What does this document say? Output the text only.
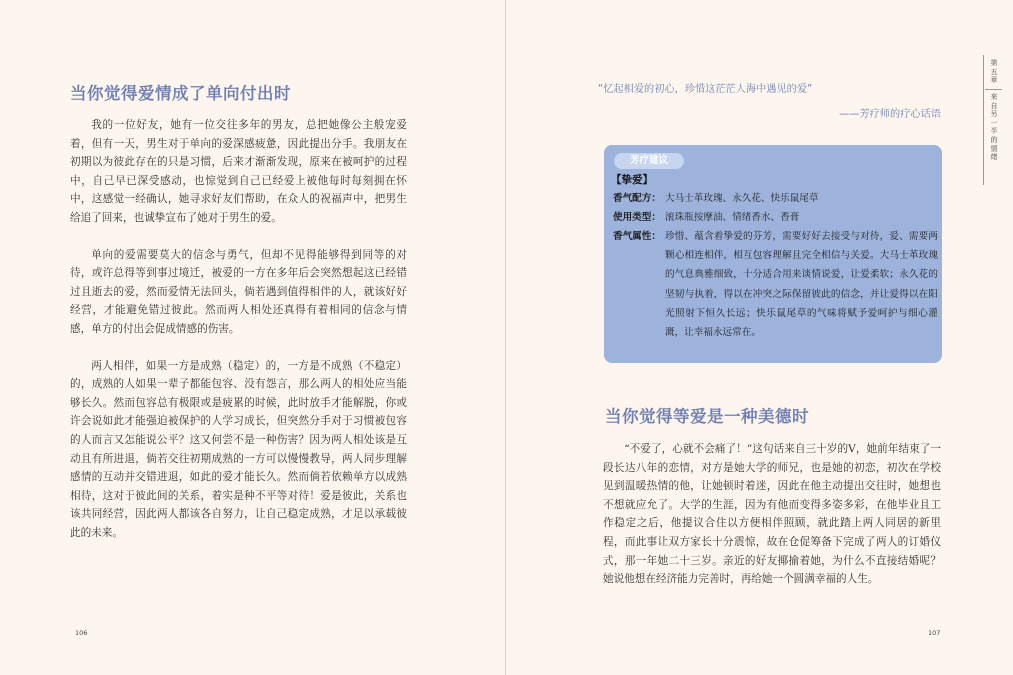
当你觉得爱情成了单向付出时

我的一位好友，她有一位交往多年的男友，总把她像公主般宠爱着，但有一天，男生对于单向的爱深感疲惫，因此提出分手。我朋友在初期以为彼此存在的只是习惯，后来才渐渐发现，原来在被呵护的过程中，自己早已深受感动，也惊觉到自己已经爱上被他每时每刻拥在怀中，这感觉一经确认，她寻求好友们帮助，在众人的祝福声中，把男生给追了回来，也诚挚宣布了她对于男生的爱。

单向的爱需要莫大的信念与勇气，但却不见得能够得到同等的对待，或许总得等到事过境迁，被爱的一方在多年后会突然想起这已经错过且逝去的爱，然而爱情无法回头，倘若遇到值得相伴的人，就该好好经营，才能避免错过彼此。然而两人相处还真得有着相同的信念与情感，单方的付出会促成情感的伤害。

两人相伴，如果一方是成熟（稳定）的，一方是不成熟（不稳定）的，成熟的人如果一辈子都能包容、没有怨言，那么两人的相处应当能够长久。然而包容总有极限或是疲累的时候，此时放手才能解脱，你或许会说如此才能强迫被保护的人学习成长，但突然分手对于习惯被包容的人而言又怎能说公平？这又何尝不是一种伤害？因为两人相处该是互动且有所进退，倘若交往初期成熟的一方可以慢慢教导，两人同步理解感情的互动并交错进退，如此的爱才能长久。然而倘若依赖单方以成熟相待，这对于彼此间的关系，着实是种不平等对待！爱是彼此，关系也该共同经营，因此两人都该各自努力，让自己稳定成熟，才足以承载彼此的未来。

106
“忆起相爱的初心，珍惜这茫茫人海中遇见的爱”
——芳疗师的疗心话语
第五章
来自另一半的情绪
芳疗建议
【挚爱】
香气配方： 大马士革玫瑰、永久花、快乐鼠尾草
使用类型： 滚珠瓶按摩油、情绪香水、香膏
香气属性： 珍惜、蕴含着挚爱的芬芳，需要好好去接受与对待，爱、需要两颗心相连相伴，相互包容理解且完全相信与关爱。大马士革玫瑰的气息典雅细致，十分适合用来谈情说爱，让爱柔软；永久花的坚韧与执着，得以在冲突之际保留彼此的信念，并让爱得以在阳光照射下恒久长远；快乐鼠尾草的气味将赋予爱呵护与细心灌溉，让幸福永远常在。
当你觉得等爱是一种美德时

“不爱了，心就不会痛了！”这句话来自三十岁的V，她前年结束了一段长达八年的恋情，对方是她大学的师兄，也是她的初恋，初次在学校见到温暖热情的他，让她顿时着迷，因此在他主动提出交往时，她想也不想就应允了。大学的生涯，因为有他而变得多姿多彩，在他毕业且工作稳定之后，他提议合住以方便相伴照顾，就此踏上两人同居的新里程，而此事让双方家长十分震惊，故在仓促筹备下完成了两人的订婚仪式，那一年她二十三岁。亲近的好友揶揄着她，为什么不直接结婚呢？她说他想在经济能力完善时，再给她一个圆满幸福的人生。

107
